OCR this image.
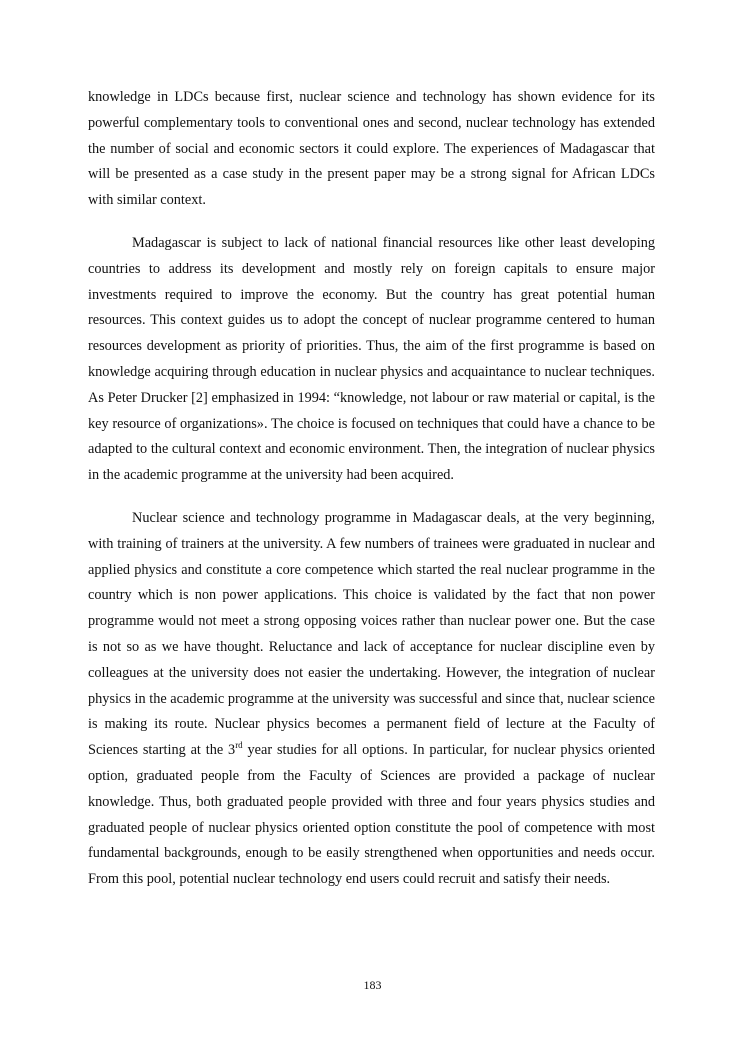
knowledge in LDCs because first, nuclear science and technology has shown evidence for its powerful complementary tools to conventional ones and second, nuclear technology has extended the number of social and economic sectors it could explore. The experiences of Madagascar that will be presented as a case study in the present paper may be a strong signal for African LDCs with similar context.

Madagascar is subject to lack of national financial resources like other least developing countries to address its development and mostly rely on foreign capitals to ensure major investments required to improve the economy. But the country has great potential human resources. This context guides us to adopt the concept of nuclear programme centered to human resources development as priority of priorities. Thus, the aim of the first programme is based on knowledge acquiring through education in nuclear physics and acquaintance to nuclear techniques. As Peter Drucker [2] emphasized in 1994: “knowledge, not labour or raw material or capital, is the key resource of organizations». The choice is focused on techniques that could have a chance to be adapted to the cultural context and economic environment. Then, the integration of nuclear physics in the academic programme at the university had been acquired.

Nuclear science and technology programme in Madagascar deals, at the very beginning, with training of trainers at the university. A few numbers of trainees were graduated in nuclear and applied physics and constitute a core competence which started the real nuclear programme in the country which is non power applications. This choice is validated by the fact that non power programme would not meet a strong opposing voices rather than nuclear power one. But the case is not so as we have thought. Reluctance and lack of acceptance for nuclear discipline even by colleagues at the university does not easier the undertaking. However, the integration of nuclear physics in the academic programme at the university was successful and since that, nuclear science is making its route. Nuclear physics becomes a permanent field of lecture at the Faculty of Sciences starting at the 3rd year studies for all options. In particular, for nuclear physics oriented option, graduated people from the Faculty of Sciences are provided a package of nuclear knowledge. Thus, both graduated people provided with three and four years physics studies and graduated people of nuclear physics oriented option constitute the pool of competence with most fundamental backgrounds, enough to be easily strengthened when opportunities and needs occur. From this pool, potential nuclear technology end users could recruit and satisfy their needs.

183
